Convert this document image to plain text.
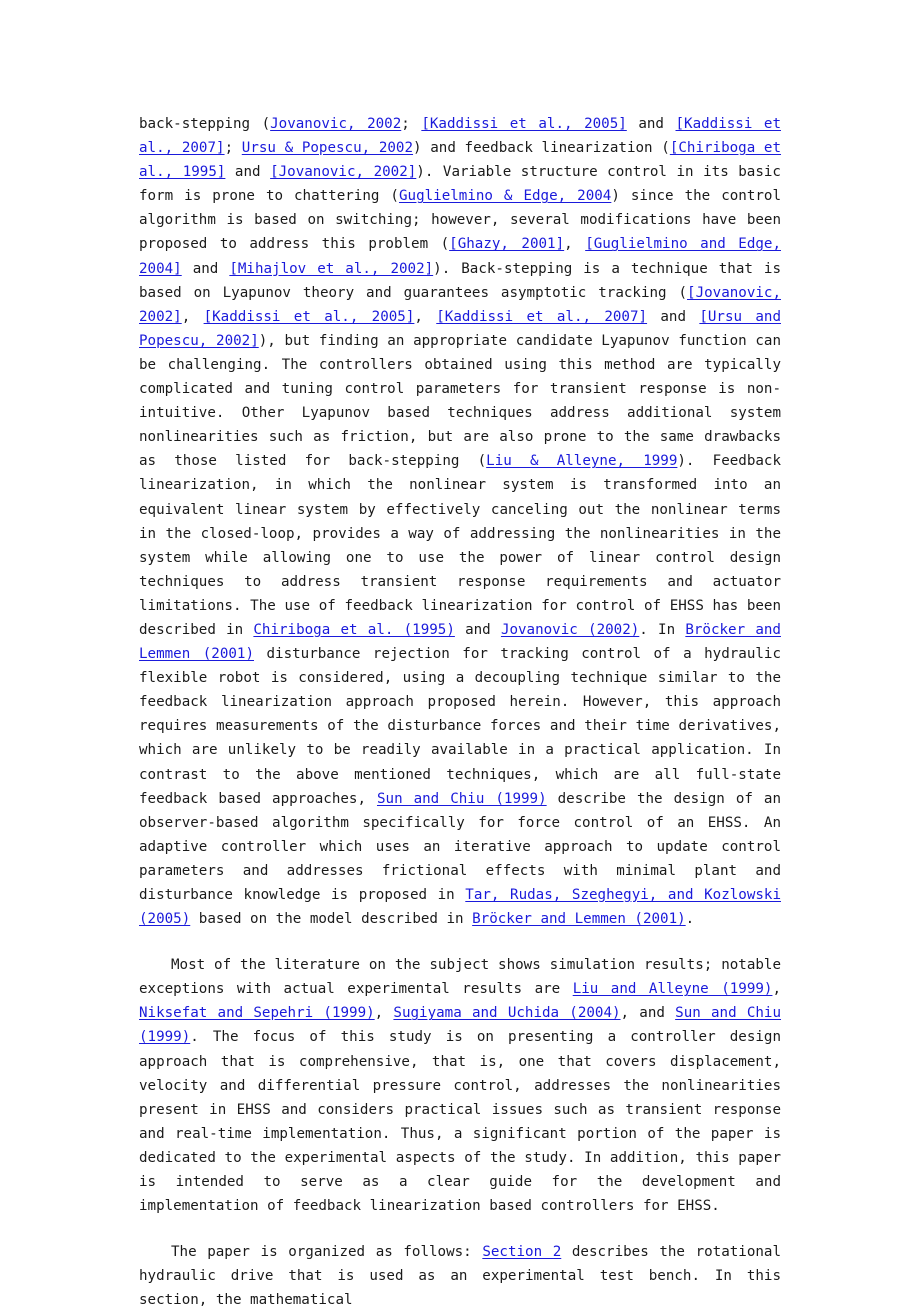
back-stepping (Jovanovic, 2002; [Kaddissi et al., 2005] and [Kaddissi et al., 2007]; Ursu & Popescu, 2002) and feedback linearization ([Chiriboga et al., 1995] and [Jovanovic, 2002]). Variable structure control in its basic form is prone to chattering (Guglielmino & Edge, 2004) since the control algorithm is based on switching; however, several modifications have been proposed to address this problem ([Ghazy, 2001], [Guglielmino and Edge, 2004] and [Mihajlov et al., 2002]). Back-stepping is a technique that is based on Lyapunov theory and guarantees asymptotic tracking ([Jovanovic, 2002], [Kaddissi et al., 2005], [Kaddissi et al., 2007] and [Ursu and Popescu, 2002]), but finding an appropriate candidate Lyapunov function can be challenging. The controllers obtained using this method are typically complicated and tuning control parameters for transient response is non-intuitive. Other Lyapunov based techniques address additional system nonlinearities such as friction, but are also prone to the same drawbacks as those listed for back-stepping (Liu & Alleyne, 1999). Feedback linearization, in which the nonlinear system is transformed into an equivalent linear system by effectively canceling out the nonlinear terms in the closed-loop, provides a way of addressing the nonlinearities in the system while allowing one to use the power of linear control design techniques to address transient response requirements and actuator limitations. The use of feedback linearization for control of EHSS has been described in Chiriboga et al. (1995) and Jovanovic (2002). In Bröcker and Lemmen (2001) disturbance rejection for tracking control of a hydraulic flexible robot is considered, using a decoupling technique similar to the feedback linearization approach proposed herein. However, this approach requires measurements of the disturbance forces and their time derivatives, which are unlikely to be readily available in a practical application. In contrast to the above mentioned techniques, which are all full-state feedback based approaches, Sun and Chiu (1999) describe the design of an observer-based algorithm specifically for force control of an EHSS. An adaptive controller which uses an iterative approach to update control parameters and addresses frictional effects with minimal plant and disturbance knowledge is proposed in Tar, Rudas, Szeghegyi, and Kozlowski (2005) based on the model described in Bröcker and Lemmen (2001).

Most of the literature on the subject shows simulation results; notable exceptions with actual experimental results are Liu and Alleyne (1999), Niksefat and Sepehri (1999), Sugiyama and Uchida (2004), and Sun and Chiu (1999). The focus of this study is on presenting a controller design approach that is comprehensive, that is, one that covers displacement, velocity and differential pressure control, addresses the nonlinearities present in EHSS and considers practical issues such as transient response and real-time implementation. Thus, a significant portion of the paper is dedicated to the experimental aspects of the study. In addition, this paper is intended to serve as a clear guide for the development and implementation of feedback linearization based controllers for EHSS.

The paper is organized as follows: Section 2 describes the rotational hydraulic drive that is used as an experimental test bench. In this section, the mathematical
